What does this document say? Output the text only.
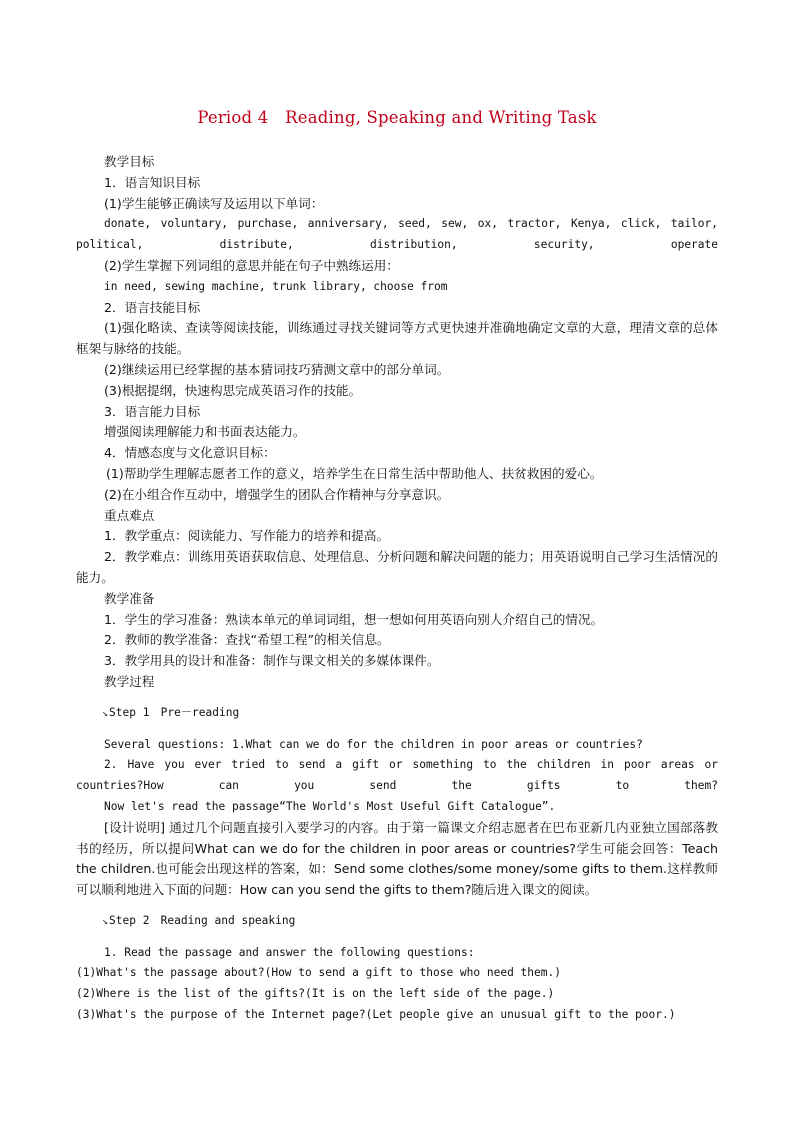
Period 4　Reading, Speaking and Writing Task

教学目标

1．语言知识目标

(1)学生能够正确读写及运用以下单词：

donate, voluntary, purchase, anniversary, seed, sew, ox, tractor, Kenya, click, tailor, political, distribute, distribution, security, operate

(2)学生掌握下列词组的意思并能在句子中熟练运用：

in need, sewing machine, trunk library, choose from

2．语言技能目标

(1)强化略读、查读等阅读技能，训练通过寻找关键词等方式更快速并准确地确定文章的大意，理清文章的总体框架与脉络的技能。

(2)继续运用已经掌握的基本猜词技巧猜测文章中的部分单词。

(3)根据提纲，快速构思完成英语习作的技能。

3．语言能力目标

增强阅读理解能力和书面表达能力。

4．情感态度与文化意识目标：

(1)帮助学生理解志愿者工作的意义，培养学生在日常生活中帮助他人、扶贫救困的爱心。

(2)在小组合作互动中，增强学生的团队合作精神与分享意识。

重点难点

1．教学重点：阅读能力、写作能力的培养和提高。

2．教学难点：训练用英语获取信息、处理信息、分析问题和解决问题的能力；用英语说明自己学习生活情况的能力。

教学准备

1．学生的学习准备：熟读本单元的单词词组，想一想如何用英语向别人介绍自己的情况。

2．教师的教学准备：查找“希望工程”的相关信息。

3．教学用具的设计和准备：制作与课文相关的多媒体课件。

教学过程

↘Step 1　Pre－reading

Several questions: 1.What can we do for the children in poor areas or countries?

2. Have you ever tried to send a gift or something to the children in poor areas or countries?How can you send the gifts to them?

Now let's read the passage“The World's Most Useful Gift Catalogue”.

[设计说明] 通过几个问题直接引入要学习的内容。由于第一篇课文介绍志愿者在巴布亚新几内亚独立国部落教书的经历，所以提问What can we do for the children in poor areas or countries?学生可能会回答：Teach the children.也可能会出现这样的答案，如：Send some clothes/some money/some gifts to them.这样教师可以顺利地进入下面的问题：How can you send the gifts to them?随后进入课文的阅读。

↘Step 2　Reading and speaking

1. Read the passage and answer the following questions:

(1)What's the passage about?(How to send a gift to those who need them.)

(2)Where is the list of the gifts?(It is on the left side of the page.)

(3)What's the purpose of the Internet page?(Let people give an unusual gift to the poor.)
